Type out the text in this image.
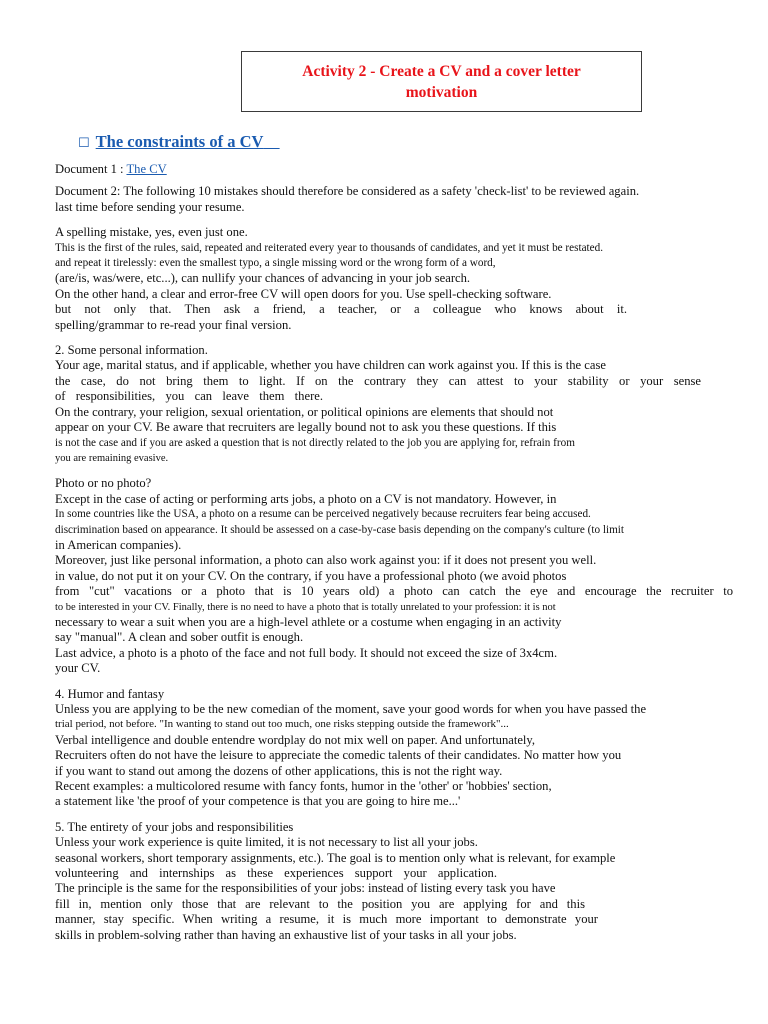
Activity 2 - Create a CV and a cover letter
motivation
☐ The constraints of a CV

Document 1 : The CV

Document 2: The following 10 mistakes should therefore be considered as a safety 'check-list' to be reviewed again.

last time before sending your resume.

A spelling mistake, yes, even just one.

This is the first of the rules, said, repeated and reiterated every year to thousands of candidates, and yet it must be restated.

and repeat it tirelessly: even the smallest typo, a single missing word or the wrong form of a word,

(are/is, was/were, etc...), can nullify your chances of advancing in your job search.

On the other hand, a clear and error-free CV will open doors for you. Use spell-checking software.

but not only that. Then ask a friend, a teacher, or a colleague who knows about it.

spelling/grammar to re-read your final version.

2. Some personal information.

Your age, marital status, and if applicable, whether you have children can work against you. If this is the case

the case, do not bring them to light. If on the contrary they can attest to your stability or your sense

of responsibilities, you can leave them there.

On the contrary, your religion, sexual orientation, or political opinions are elements that should not

appear on your CV. Be aware that recruiters are legally bound not to ask you these questions. If this

is not the case and if you are asked a question that is not directly related to the job you are applying for, refrain from

you are remaining evasive.

Photo or no photo?

Except in the case of acting or performing arts jobs, a photo on a CV is not mandatory. However, in

In some countries like the USA, a photo on a resume can be perceived negatively because recruiters fear being accused.

discrimination based on appearance. It should be assessed on a case-by-case basis depending on the company's culture (to limit

in American companies).

Moreover, just like personal information, a photo can also work against you: if it does not present you well.

in value, do not put it on your CV. On the contrary, if you have a professional photo (we avoid photos

from "cut" vacations or a photo that is 10 years old) a photo can catch the eye and encourage the recruiter to

to be interested in your CV. Finally, there is no need to have a photo that is totally unrelated to your profession: it is not

necessary to wear a suit when you are a high-level athlete or a costume when engaging in an activity

say "manual". A clean and sober outfit is enough.

Last advice, a photo is a photo of the face and not full body. It should not exceed the size of 3x4cm.

your CV.

4. Humor and fantasy

Unless you are applying to be the new comedian of the moment, save your good words for when you have passed the

trial period, not before. "In wanting to stand out too much, one risks stepping outside the framework"...

Verbal intelligence and double entendre wordplay do not mix well on paper. And unfortunately,

Recruiters often do not have the leisure to appreciate the comedic talents of their candidates. No matter how you

if you want to stand out among the dozens of other applications, this is not the right way.

Recent examples: a multicolored resume with fancy fonts, humor in the 'other' or 'hobbies' section,

a statement like 'the proof of your competence is that you are going to hire me...'

5. The entirety of your jobs and responsibilities

Unless your work experience is quite limited, it is not necessary to list all your jobs.

seasonal workers, short temporary assignments, etc.). The goal is to mention only what is relevant, for example

volunteering and internships as these experiences support your application.

The principle is the same for the responsibilities of your jobs: instead of listing every task you have

fill in, mention only those that are relevant to the position you are applying for and this

manner, stay specific. When writing a resume, it is much more important to demonstrate your

skills in problem-solving rather than having an exhaustive list of your tasks in all your jobs.
